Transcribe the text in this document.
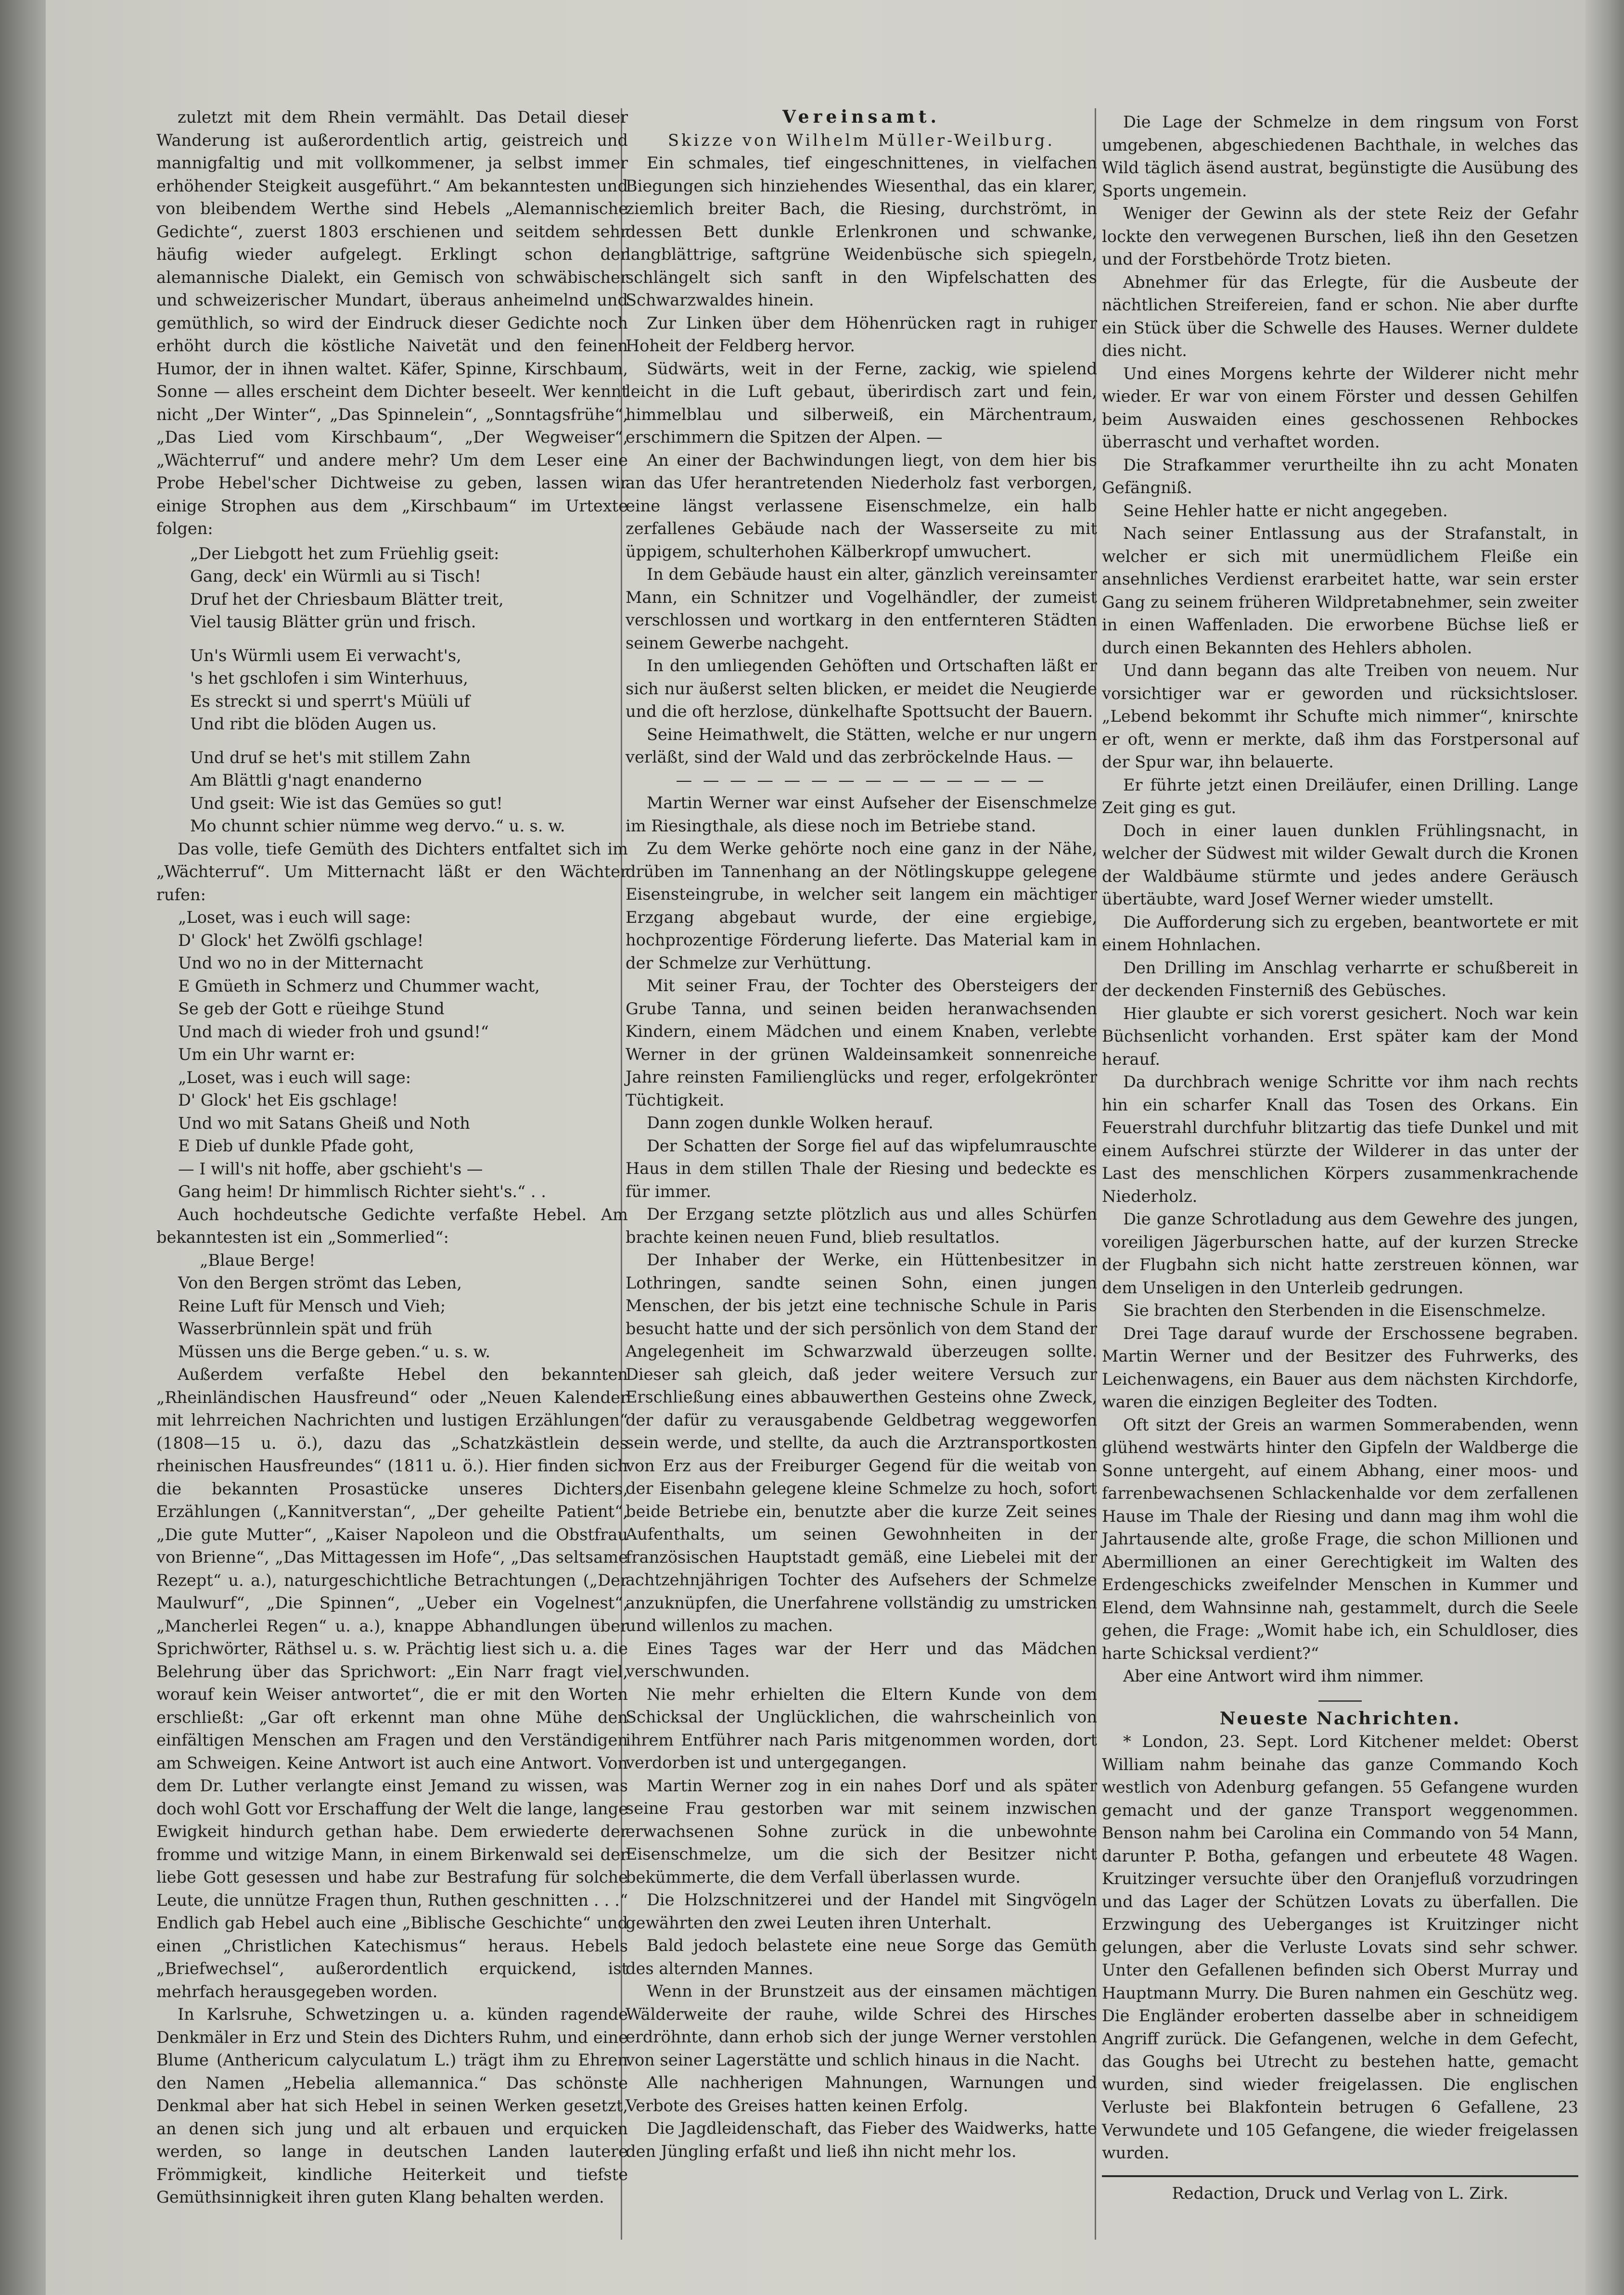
zuletzt mit dem Rhein vermählt. Das Detail dieser Wanderung ist außerordentlich artig, geistreich und mannigfaltig und mit vollkommener, ja selbst immer erhöhender Steigkeit ausgeführt.“ Am bekanntesten und von bleibendem Werthe sind Hebels „Alemannische Gedichte“, zuerst 1803 erschienen und seitdem sehr häufig wieder aufgelegt. Erklingt schon der alemannische Dialekt, ein Gemisch von schwäbischer und schweizerischer Mundart, überaus anheimelnd und gemüthlich, so wird der Eindruck dieser Gedichte noch erhöht durch die köstliche Naivetät und den feinen Humor, der in ihnen waltet. Käfer, Spinne, Kirschbaum, Sonne — alles erscheint dem Dichter beseelt. Wer kennt nicht „Der Winter“, „Das Spinnelein“, „Sonntagsfrühe“, „Das Lied vom Kirschbaum“, „Der Wegweiser“, „Wächterruf“ und andere mehr? Um dem Leser eine Probe Hebel'scher Dichtweise zu geben, lassen wir einige Strophen aus dem „Kirschbaum“ im Urtexte folgen:

„Der Liebgott het zum Früehlig gseit:
Gang, deck' ein Würmli au si Tisch!
Druf het der Chriesbaum Blätter treit,
Viel tausig Blätter grün und frisch.
Un's Würmli usem Ei verwacht's,
's het gschlofen i sim Winterhuus,
Es streckt si und sperrt's Müüli uf
Und ribt die blöden Augen us.
Und druf se het's mit stillem Zahn
Am Blättli g'nagt enanderno
Und gseit: Wie ist das Gemües so gut!
Mo chunnt schier nümme weg dervo.“ u. s. w.

Das volle, tiefe Gemüth des Dichters entfaltet sich im „Wächterruf“. Um Mitternacht läßt er den Wächter rufen:

„Loset, was i euch will sage:
D' Glock' het Zwölfi gschlage!
Und wo no in der Mitternacht
E Gmüeth in Schmerz und Chummer wacht,
Se geb der Gott e rüeihge Stund
Und mach di wieder froh und gsund!“
Um ein Uhr warnt er:
„Loset, was i euch will sage:
D' Glock' het Eis gschlage!
Und wo mit Satans Gheiß und Noth
E Dieb uf dunkle Pfade goht,
— I will's nit hoffe, aber gschieht's —
Gang heim! Dr himmlisch Richter sieht's.“ . .

Auch hochdeutsche Gedichte verfaßte Hebel. Am bekanntesten ist ein „Sommerlied“:

„Blaue Berge!
Von den Bergen strömt das Leben,
Reine Luft für Mensch und Vieh;
Wasserbrünnlein spät und früh
Müssen uns die Berge geben.“ u. s. w.

Außerdem verfaßte Hebel den bekannten „Rheinländischen Hausfreund“ oder „Neuen Kalender mit lehrreichen Nachrichten und lustigen Erzählungen“ (1808—15 u. ö.), dazu das „Schatzkästlein des rheinischen Hausfreundes“ (1811 u. ö.). Hier finden sich die bekannten Prosastücke unseres Dichters, Erzählungen („Kannitverstan“, „Der geheilte Patient“, „Die gute Mutter“, „Kaiser Napoleon und die Obstfrau von Brienne“, „Das Mittagessen im Hofe“, „Das seltsame Rezept“ u. a.), naturgeschichtliche Betrachtungen („Der Maulwurf“, „Die Spinnen“, „Ueber ein Vogelnest“, „Mancherlei Regen“ u. a.), knappe Abhandlungen über Sprichwörter, Räthsel u. s. w. Prächtig liest sich u. a. die Belehrung über das Sprichwort: „Ein Narr fragt viel, worauf kein Weiser antwortet“, die er mit den Worten erschließt: „Gar oft erkennt man ohne Mühe den einfältigen Menschen am Fragen und den Verständigen am Schweigen. Keine Antwort ist auch eine Antwort. Von dem Dr. Luther verlangte einst Jemand zu wissen, was doch wohl Gott vor Erschaffung der Welt die lange, lange Ewigkeit hindurch gethan habe. Dem erwiederte der fromme und witzige Mann, in einem Birkenwald sei der liebe Gott gesessen und habe zur Bestrafung für solche Leute, die unnütze Fragen thun, Ruthen geschnitten . . .“ Endlich gab Hebel auch eine „Biblische Geschichte“ und einen „Christlichen Katechismus“ heraus. Hebels „Briefwechsel“, außerordentlich erquickend, ist mehrfach herausgegeben worden.

In Karlsruhe, Schwetzingen u. a. künden ragende Denkmäler in Erz und Stein des Dichters Ruhm, und eine Blume (Anthericum calyculatum L.) trägt ihm zu Ehren den Namen „Hebelia allemannica.“ Das schönste Denkmal aber hat sich Hebel in seinen Werken gesetzt, an denen sich jung und alt erbauen und erquicken werden, so lange in deutschen Landen lautere Frömmigkeit, kindliche Heiterkeit und tiefste Gemüthsinnigkeit ihren guten Klang behalten werden.

Vereinsamt.
Skizze von Wilhelm Müller-Weilburg.

Ein schmales, tief eingeschnittenes, in vielfachen Biegungen sich hinziehendes Wiesenthal, das ein klarer, ziemlich breiter Bach, die Riesing, durchströmt, in dessen Bett dunkle Erlenkronen und schwanke, langblättrige, saftgrüne Weidenbüsche sich spiegeln, schlängelt sich sanft in den Wipfelschatten des Schwarzwaldes hinein.

Zur Linken über dem Höhenrücken ragt in ruhiger Hoheit der Feldberg hervor.

Südwärts, weit in der Ferne, zackig, wie spielend leicht in die Luft gebaut, überirdisch zart und fein, himmelblau und silberweiß, ein Märchentraum, erschimmern die Spitzen der Alpen. —

An einer der Bachwindungen liegt, von dem hier bis an das Ufer herantretenden Niederholz fast verborgen, eine längst verlassene Eisenschmelze, ein halb zerfallenes Gebäude nach der Wasserseite zu mit üppigem, schulterhohen Kälberkropf umwuchert.

In dem Gebäude haust ein alter, gänzlich vereinsamter Mann, ein Schnitzer und Vogelhändler, der zumeist verschlossen und wortkarg in den entfernteren Städten seinem Gewerbe nachgeht.

In den umliegenden Gehöften und Ortschaften läßt er sich nur äußerst selten blicken, er meidet die Neugierde und die oft herzlose, dünkelhafte Spottsucht der Bauern.

Seine Heimathwelt, die Stätten, welche er nur ungern verläßt, sind der Wald und das zerbröckelnde Haus. —

— — — — — — — — — — — — — —

Martin Werner war einst Aufseher der Eisenschmelze im Riesingthale, als diese noch im Betriebe stand.

Zu dem Werke gehörte noch eine ganz in der Nähe, drüben im Tannenhang an der Nötlingskuppe gelegene Eisensteingrube, in welcher seit langem ein mächtiger Erzgang abgebaut wurde, der eine ergiebige, hochprozentige Förderung lieferte. Das Material kam in der Schmelze zur Verhüttung.

Mit seiner Frau, der Tochter des Obersteigers der Grube Tanna, und seinen beiden heranwachsenden Kindern, einem Mädchen und einem Knaben, verlebte Werner in der grünen Waldeinsamkeit sonnenreiche Jahre reinsten Familienglücks und reger, erfolgekrönter Tüchtigkeit.

Dann zogen dunkle Wolken herauf.

Der Schatten der Sorge fiel auf das wipfelumrauschte Haus in dem stillen Thale der Riesing und bedeckte es für immer.

Der Erzgang setzte plötzlich aus und alles Schürfen brachte keinen neuen Fund, blieb resultatlos.

Der Inhaber der Werke, ein Hüttenbesitzer in Lothringen, sandte seinen Sohn, einen jungen Menschen, der bis jetzt eine technische Schule in Paris besucht hatte und der sich persönlich von dem Stand der Angelegenheit im Schwarzwald überzeugen sollte. Dieser sah gleich, daß jeder weitere Versuch zur Erschließung eines abbauwerthen Gesteins ohne Zweck, der dafür zu verausgabende Geldbetrag weggeworfen sein werde, und stellte, da auch die Arztransportkosten von Erz aus der Freiburger Gegend für die weitab von der Eisenbahn gelegene kleine Schmelze zu hoch, sofort beide Betriebe ein, benutzte aber die kurze Zeit seines Aufenthalts, um seinen Gewohnheiten in der französischen Hauptstadt gemäß, eine Liebelei mit der achtzehnjährigen Tochter des Aufsehers der Schmelze anzuknüpfen, die Unerfahrene vollständig zu umstricken und willenlos zu machen.

Eines Tages war der Herr und das Mädchen verschwunden.

Nie mehr erhielten die Eltern Kunde von dem Schicksal der Unglücklichen, die wahrscheinlich von ihrem Entführer nach Paris mitgenommen worden, dort verdorben ist und untergegangen.

Martin Werner zog in ein nahes Dorf und als später seine Frau gestorben war mit seinem inzwischen erwachsenen Sohne zurück in die unbewohnte Eisenschmelze, um die sich der Besitzer nicht bekümmerte, die dem Verfall überlassen wurde.

Die Holzschnitzerei und der Handel mit Singvögeln gewährten den zwei Leuten ihren Unterhalt.

Bald jedoch belastete eine neue Sorge das Gemüth des alternden Mannes.

Wenn in der Brunstzeit aus der einsamen mächtigen Wälderweite der rauhe, wilde Schrei des Hirsches erdröhnte, dann erhob sich der junge Werner verstohlen von seiner Lagerstätte und schlich hinaus in die Nacht.

Alle nachherigen Mahnungen, Warnungen und Verbote des Greises hatten keinen Erfolg.

Die Jagdleidenschaft, das Fieber des Waidwerks, hatte den Jüngling erfaßt und ließ ihn nicht mehr los.

Die Lage der Schmelze in dem ringsum von Forst umgebenen, abgeschiedenen Bachthale, in welches das Wild täglich äsend austrat, begünstigte die Ausübung des Sports ungemein.

Weniger der Gewinn als der stete Reiz der Gefahr lockte den verwegenen Burschen, ließ ihn den Gesetzen und der Forstbehörde Trotz bieten.

Abnehmer für das Erlegte, für die Ausbeute der nächtlichen Streifereien, fand er schon. Nie aber durfte ein Stück über die Schwelle des Hauses. Werner duldete dies nicht.

Und eines Morgens kehrte der Wilderer nicht mehr wieder. Er war von einem Förster und dessen Gehilfen beim Auswaiden eines geschossenen Rehbockes überrascht und verhaftet worden.

Die Strafkammer verurtheilte ihn zu acht Monaten Gefängniß.

Seine Hehler hatte er nicht angegeben.

Nach seiner Entlassung aus der Strafanstalt, in welcher er sich mit unermüdlichem Fleiße ein ansehnliches Verdienst erarbeitet hatte, war sein erster Gang zu seinem früheren Wildpretabnehmer, sein zweiter in einen Waffenladen. Die erworbene Büchse ließ er durch einen Bekannten des Hehlers abholen.

Und dann begann das alte Treiben von neuem. Nur vorsichtiger war er geworden und rücksichtsloser. „Lebend bekommt ihr Schufte mich nimmer“, knirschte er oft, wenn er merkte, daß ihm das Forstpersonal auf der Spur war, ihn belauerte.

Er führte jetzt einen Dreiläufer, einen Drilling. Lange Zeit ging es gut.

Doch in einer lauen dunklen Frühlingsnacht, in welcher der Südwest mit wilder Gewalt durch die Kronen der Waldbäume stürmte und jedes andere Geräusch übertäubte, ward Josef Werner wieder umstellt.

Die Aufforderung sich zu ergeben, beantwortete er mit einem Hohnlachen.

Den Drilling im Anschlag verharrte er schußbereit in der deckenden Finsterniß des Gebüsches.

Hier glaubte er sich vorerst gesichert. Noch war kein Büchsenlicht vorhanden. Erst später kam der Mond herauf.

Da durchbrach wenige Schritte vor ihm nach rechts hin ein scharfer Knall das Tosen des Orkans. Ein Feuerstrahl durchfuhr blitzartig das tiefe Dunkel und mit einem Aufschrei stürzte der Wilderer in das unter der Last des menschlichen Körpers zusammenkrachende Niederholz.

Die ganze Schrotladung aus dem Gewehre des jungen, voreiligen Jägerburschen hatte, auf der kurzen Strecke der Flugbahn sich nicht hatte zerstreuen können, war dem Unseligen in den Unterleib gedrungen.

Sie brachten den Sterbenden in die Eisenschmelze.

Drei Tage darauf wurde der Erschossene begraben. Martin Werner und der Besitzer des Fuhrwerks, des Leichenwagens, ein Bauer aus dem nächsten Kirchdorfe, waren die einzigen Begleiter des Todten.

Oft sitzt der Greis an warmen Sommerabenden, wenn glühend westwärts hinter den Gipfeln der Waldberge die Sonne untergeht, auf einem Abhang, einer moos- und farrenbewachsenen Schlackenhalde vor dem zerfallenen Hause im Thale der Riesing und dann mag ihm wohl die Jahrtausende alte, große Frage, die schon Millionen und Abermillionen an einer Gerechtigkeit im Walten des Erdengeschicks zweifelnder Menschen in Kummer und Elend, dem Wahnsinne nah, gestammelt, durch die Seele gehen, die Frage: „Womit habe ich, ein Schuldloser, dies harte Schicksal verdient?“

Aber eine Antwort wird ihm nimmer.

Neueste Nachrichten.

* London, 23. Sept. Lord Kitchener meldet: Oberst William nahm beinahe das ganze Commando Koch westlich von Adenburg gefangen. 55 Gefangene wurden gemacht und der ganze Transport weggenommen. Benson nahm bei Carolina ein Commando von 54 Mann, darunter P. Botha, gefangen und erbeutete 48 Wagen. Kruitzinger versuchte über den Oranjefluß vorzudringen und das Lager der Schützen Lovats zu überfallen. Die Erzwingung des Ueberganges ist Kruitzinger nicht gelungen, aber die Verluste Lovats sind sehr schwer. Unter den Gefallenen befinden sich Oberst Murray und Hauptmann Murry. Die Buren nahmen ein Geschütz weg. Die Engländer eroberten dasselbe aber in schneidigem Angriff zurück. Die Gefangenen, welche in dem Gefecht, das Goughs bei Utrecht zu bestehen hatte, gemacht wurden, sind wieder freigelassen. Die englischen Verluste bei Blakfontein betrugen 6 Gefallene, 23 Verwundete und 105 Gefangene, die wieder freigelassen wurden.

Redaction, Druck und Verlag von L. Zirk.
